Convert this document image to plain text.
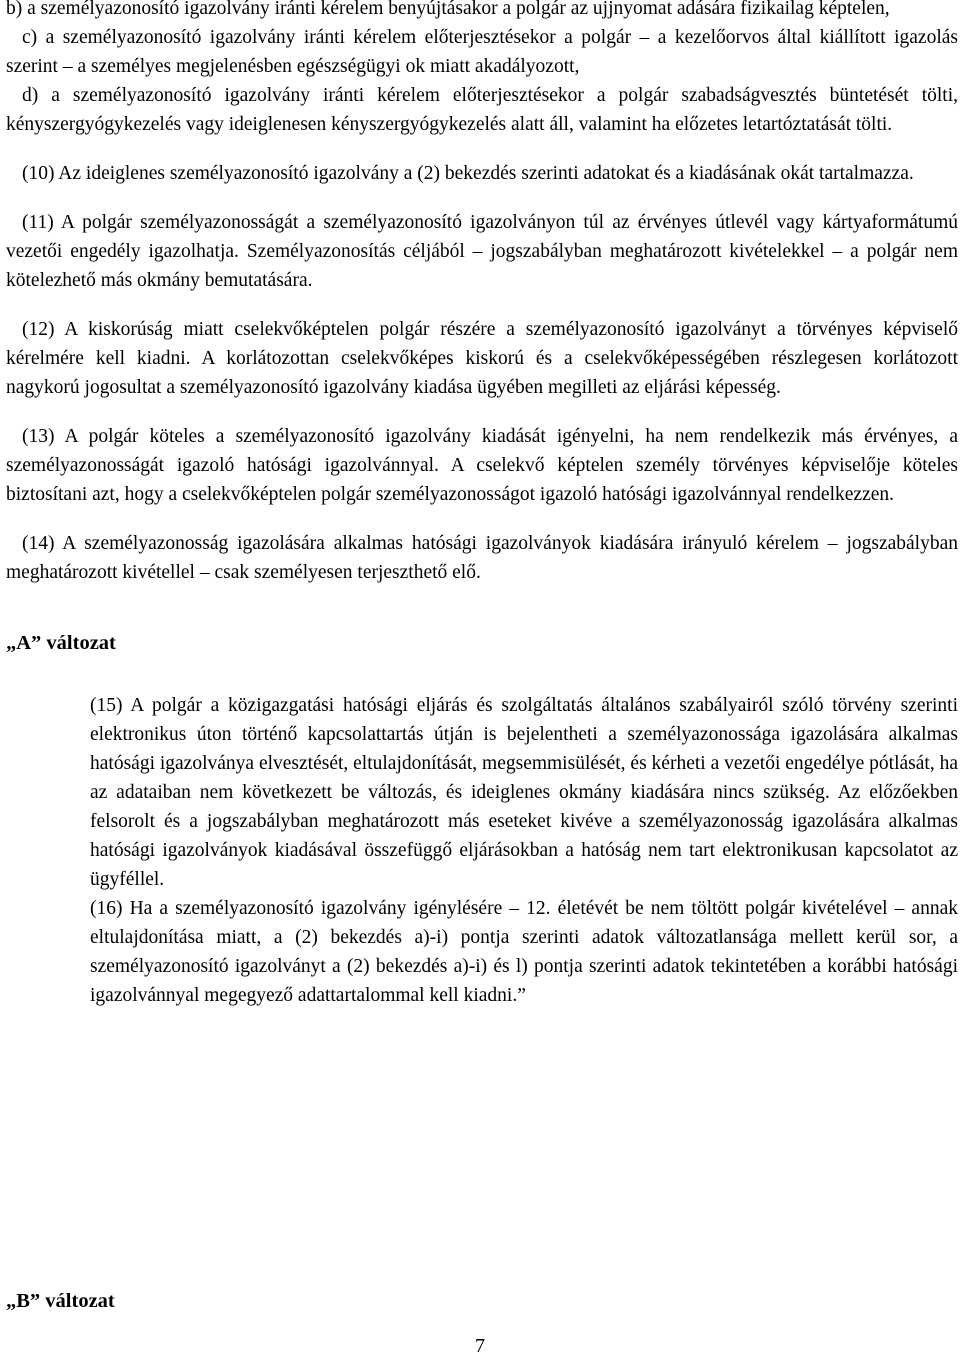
b) a személyazonosító igazolvány iránti kérelem benyújtásakor a polgár az ujjnyomat adására fizikailag képtelen,

c) a személyazonosító igazolvány iránti kérelem előterjesztésekor a polgár – a kezelőorvos által kiállított igazolás szerint – a személyes megjelenésben egészségügyi ok miatt akadályozott,

d) a személyazonosító igazolvány iránti kérelem előterjesztésekor a polgár szabadságvesztés büntetését tölti, kényszergyógykezelés vagy ideiglenesen kényszergyógykezelés alatt áll, valamint ha előzetes letartóztatását tölti.

(10) Az ideiglenes személyazonosító igazolvány a (2) bekezdés szerinti adatokat és a kiadásának okát tartalmazza.

(11) A polgár személyazonosságát a személyazonosító igazolványon túl az érvényes útlevél vagy kártyaformátumú vezetői engedély igazolhatja. Személyazonosítás céljából – jogszabályban meghatározott kivételekkel – a polgár nem kötelezhető más okmány bemutatására.

(12) A kiskorúság miatt cselekvőképtelen polgár részére a személyazonosító igazolványt a törvényes képviselő kérelmére kell kiadni. A korlátozottan cselekvőképes kiskorú és a cselekvőképességében részlegesen korlátozott nagykorú jogosultat a személyazonosító igazolvány kiadása ügyében megilleti az eljárási képesség.

(13) A polgár köteles a személyazonosító igazolvány kiadását igényelni, ha nem rendelkezik más érvényes, a személyazonosságát igazoló hatósági igazolvánnyal. A cselekvő képtelen személy törvényes képviselője köteles biztosítani azt, hogy a cselekvőképtelen polgár személyazonosságot igazoló hatósági igazolvánnyal rendelkezzen.

(14) A személyazonosság igazolására alkalmas hatósági igazolványok kiadására irányuló kérelem – jogszabályban meghatározott kivétellel – csak személyesen terjeszthető elő.

„A” változat

(15) A polgár a közigazgatási hatósági eljárás és szolgáltatás általános szabályairól szóló törvény szerinti elektronikus úton történő kapcsolattartás útján is bejelentheti a személyazonossága igazolására alkalmas hatósági igazolványa elvesztését, eltulajdonítását, megsemmisülését, és kérheti a vezetői engedélye pótlását, ha az adataiban nem következett be változás, és ideiglenes okmány kiadására nincs szükség. Az előzőekben felsorolt és a jogszabályban meghatározott más eseteket kivéve a személyazonosság igazolására alkalmas hatósági igazolványok kiadásával összefüggő eljárásokban a hatóság nem tart elektronikusan kapcsolatot az ügyféllel.

(16) Ha a személyazonosító igazolvány igénylésére – 12. életévét be nem töltött polgár kivételével – annak eltulajdonítása miatt, a (2) bekezdés a)-i) pontja szerinti adatok változatlansága mellett kerül sor, a személyazonosító igazolványt a (2) bekezdés a)-i) és l) pontja szerinti adatok tekintetében a korábbi hatósági igazolvánnyal megegyező adattartalommal kell kiadni.”

„B” változat
7
